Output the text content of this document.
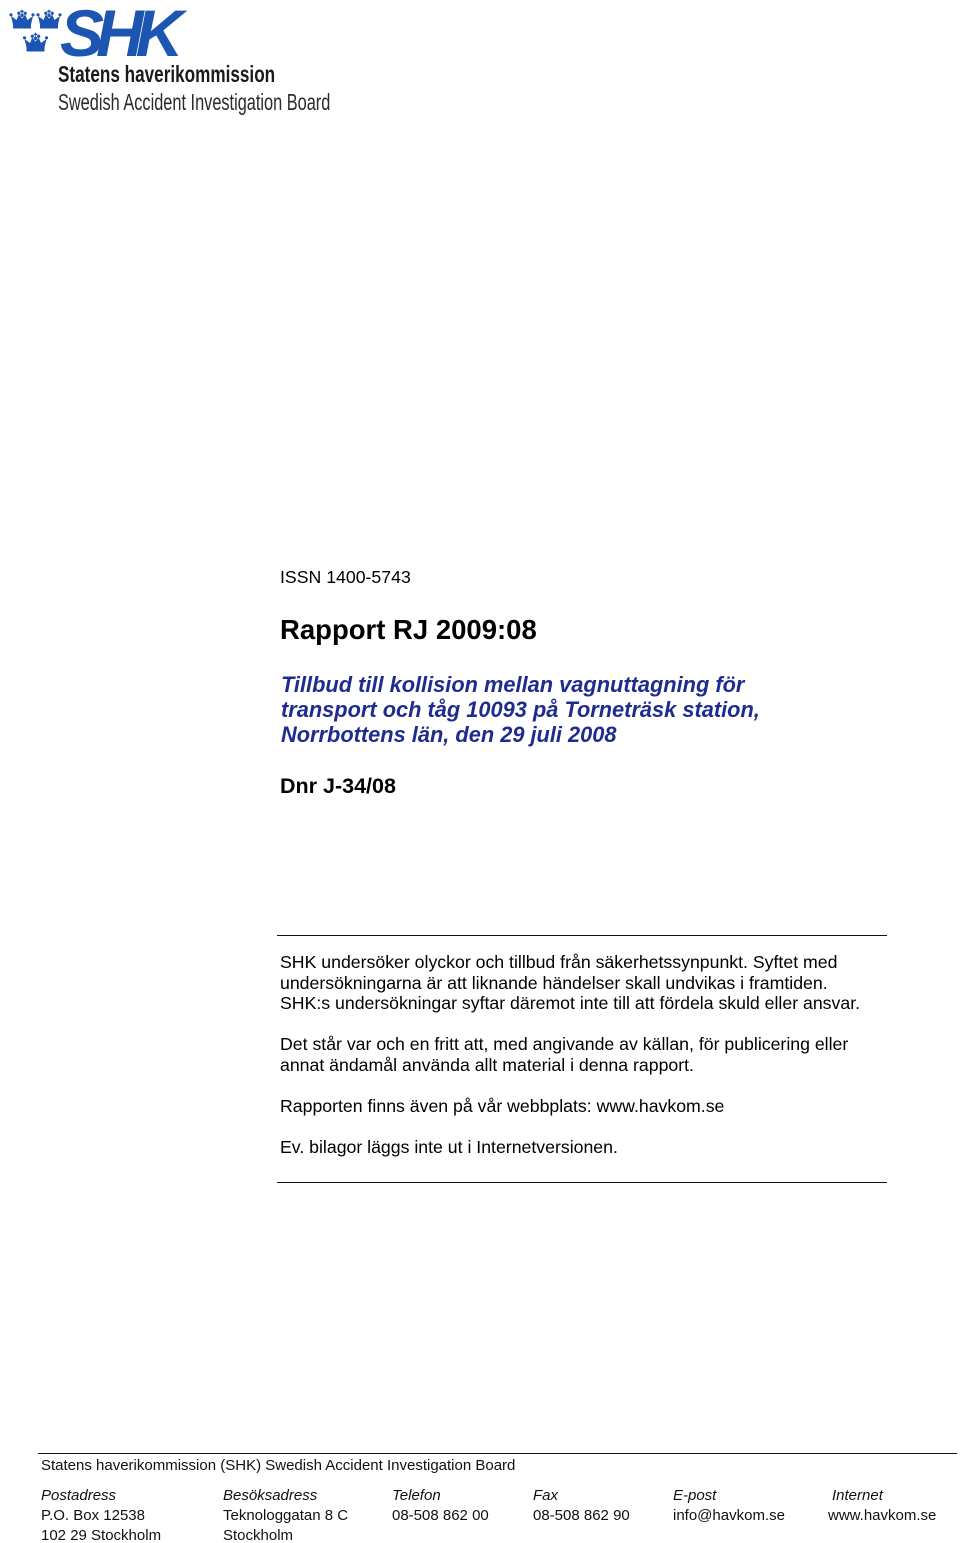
SHK
Statens haverikommission
Swedish Accident Investigation Board
ISSN 1400-5743
Rapport RJ 2009:08
Tillbud till kollision mellan vagnuttagning för
transport och tåg 10093 på Torneträsk station,
Norrbottens län, den 29 juli 2008
Dnr J-34/08

SHK undersöker olyckor och tillbud från säkerhetssynpunkt. Syftet med
undersökningarna är att liknande händelser skall undvikas i framtiden.
SHK:s undersökningar syftar däremot inte till att fördela skuld eller ansvar.

Det står var och en fritt att, med angivande av källan, för publicering eller
annat ändamål använda allt material i denna rapport.

Rapporten finns även på vår webbplats: www.havkom.se

Ev. bilagor läggs inte ut i Internetversionen.

Statens haverikommission (SHK) Swedish Accident Investigation Board
Postadress
P.O. Box 12538
102 29 Stockholm
Besöksadress
Teknologgatan 8 C
Stockholm
Telefon
08-508 862 00
Fax
08-508 862 90
E-post
info@havkom.se
Internet
www.havkom.se
